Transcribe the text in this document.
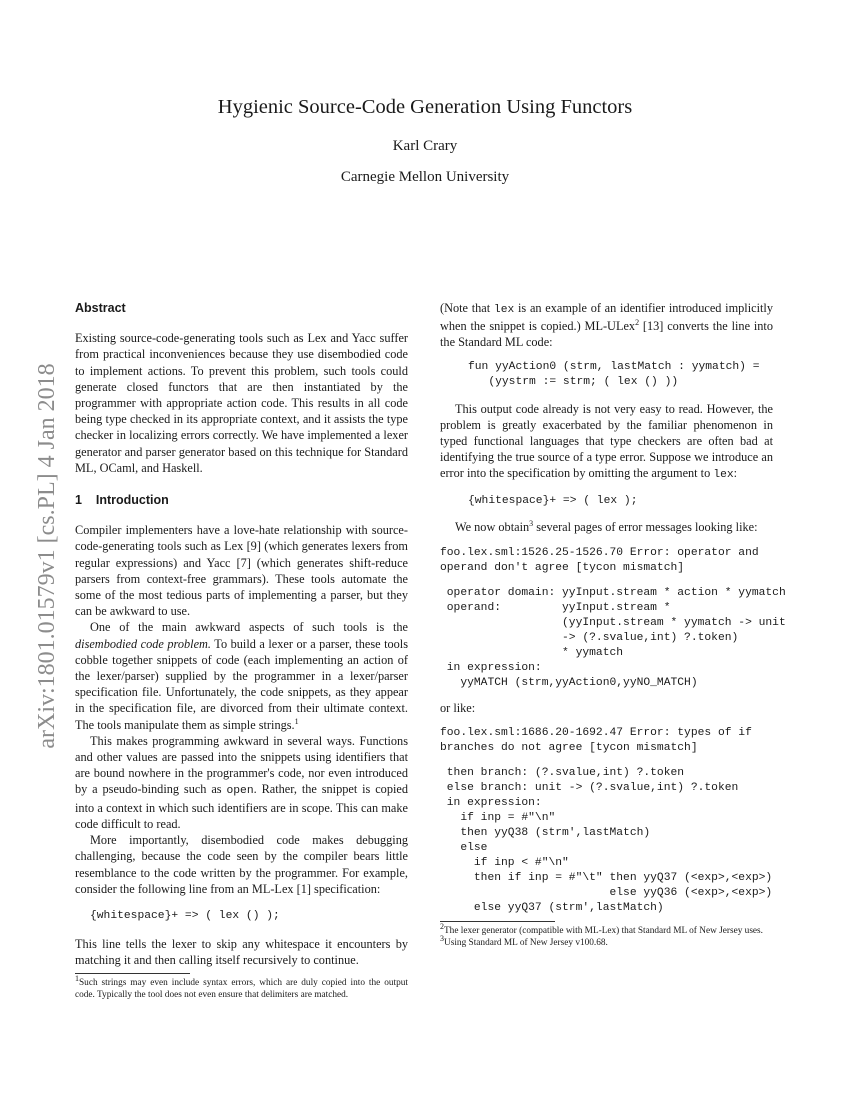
Hygienic Source-Code Generation Using Functors
Karl Crary
Carnegie Mellon University
arXiv:1801.01579v1 [cs.PL] 4 Jan 2018

Abstract

Existing source-code-generating tools such as Lex and Yacc suffer from practical inconveniences because they use disembodied code to implement actions. To prevent this problem, such tools could generate closed functors that are then instantiated by the programmer with appropriate action code. This results in all code being type checked in its appropriate context, and it assists the type checker in localizing errors correctly. We have implemented a lexer generator and parser generator based on this technique for Standard ML, OCaml, and Haskell.

1 Introduction

Compiler implementers have a love-hate relationship with source-code-generating tools such as Lex [9] (which generates lexers from regular expressions) and Yacc [7] (which generates shift-reduce parsers from context-free grammars). These tools automate the some of the most tedious parts of implementing a parser, but they can be awkward to use.

One of the main awkward aspects of such tools is the disembodied code problem. To build a lexer or a parser, these tools cobble together snippets of code (each implementing an action of the lexer/parser) supplied by the programmer in a lexer/parser specification file. Unfortunately, the code snippets, as they appear in the specification file, are divorced from their ultimate context. The tools manipulate them as simple strings.$^1$

This makes programming awkward in several ways. Functions and other values are passed into the snippets using identifiers that are bound nowhere in the programmer's code, nor even introduced by a pseudo-binding such as open. Rather, the snippet is copied into a context in which such identifiers are in scope. This can make code difficult to read.

More importantly, disembodied code makes debugging challenging, because the code seen by the compiler bears little resemblance to the code written by the programmer. For example, consider the following line from an ML-Lex [1] specification:

{whitespace}+ => ( lex () );

This line tells the lexer to skip any whitespace it encounters by matching it and then calling itself recursively to continue.

$^1$Such strings may even include syntax errors, which are duly copied into the output code. Typically the tool does not even ensure that delimiters are matched.

(Note that lex is an example of an identifier introduced implicitly when the snippet is copied.) ML-ULex$^2$ [13] converts the line into the Standard ML code:

fun yyAction0 (strm, lastMatch : yymatch) =
(yystrm := strm; ( lex () ))

This output code already is not very easy to read. However, the problem is greatly exacerbated by the familiar phenomenon in typed functional languages that type checkers are often bad at identifying the true source of a type error. Suppose we introduce an error into the specification by omitting the argument to lex:

{whitespace}+ => ( lex );

We now obtain$^3$ several pages of error messages looking like:

foo.lex.sml:1526.25-1526.70 Error: operator and
operand don't agree [tycon mismatch]
operator domain: yyInput.stream * action * yymatch
operand:         yyInput.stream *
(yyInput.stream * yymatch -> unit
-> (?.svalue,int) ?.token)
* yymatch
in expression:
yyMATCH (strm,yyAction0,yyNO_MATCH)

or like:

foo.lex.sml:1686.20-1692.47 Error: types of if
branches do not agree [tycon mismatch]
then branch: (?.svalue,int) ?.token
else branch: unit -> (?.svalue,int) ?.token
in expression:
if inp = #"\n"
then yyQ38 (strm',lastMatch)
else
if inp < #"\n"
then if inp = #"\t" then yyQ37 (<exp>,<exp>)
else yyQ36 (<exp>,<exp>)
else yyQ37 (strm',lastMatch)

$^2$The lexer generator (compatible with ML-Lex) that Standard ML of New Jersey uses.

$^3$Using Standard ML of New Jersey v100.68.
